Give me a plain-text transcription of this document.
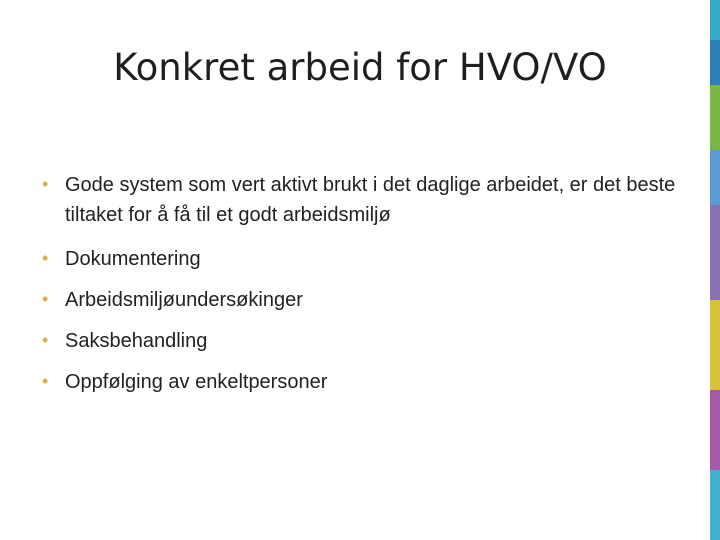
Konkret arbeid for HVO/VO
• Gode system som vert aktivt brukt i det daglige arbeidet, er det beste tiltaket for å få til et godt arbeidsmiljø
• Dokumentering
• Arbeidsmiljøundersøkinger
• Saksbehandling
• Oppfølging av enkeltpersoner
